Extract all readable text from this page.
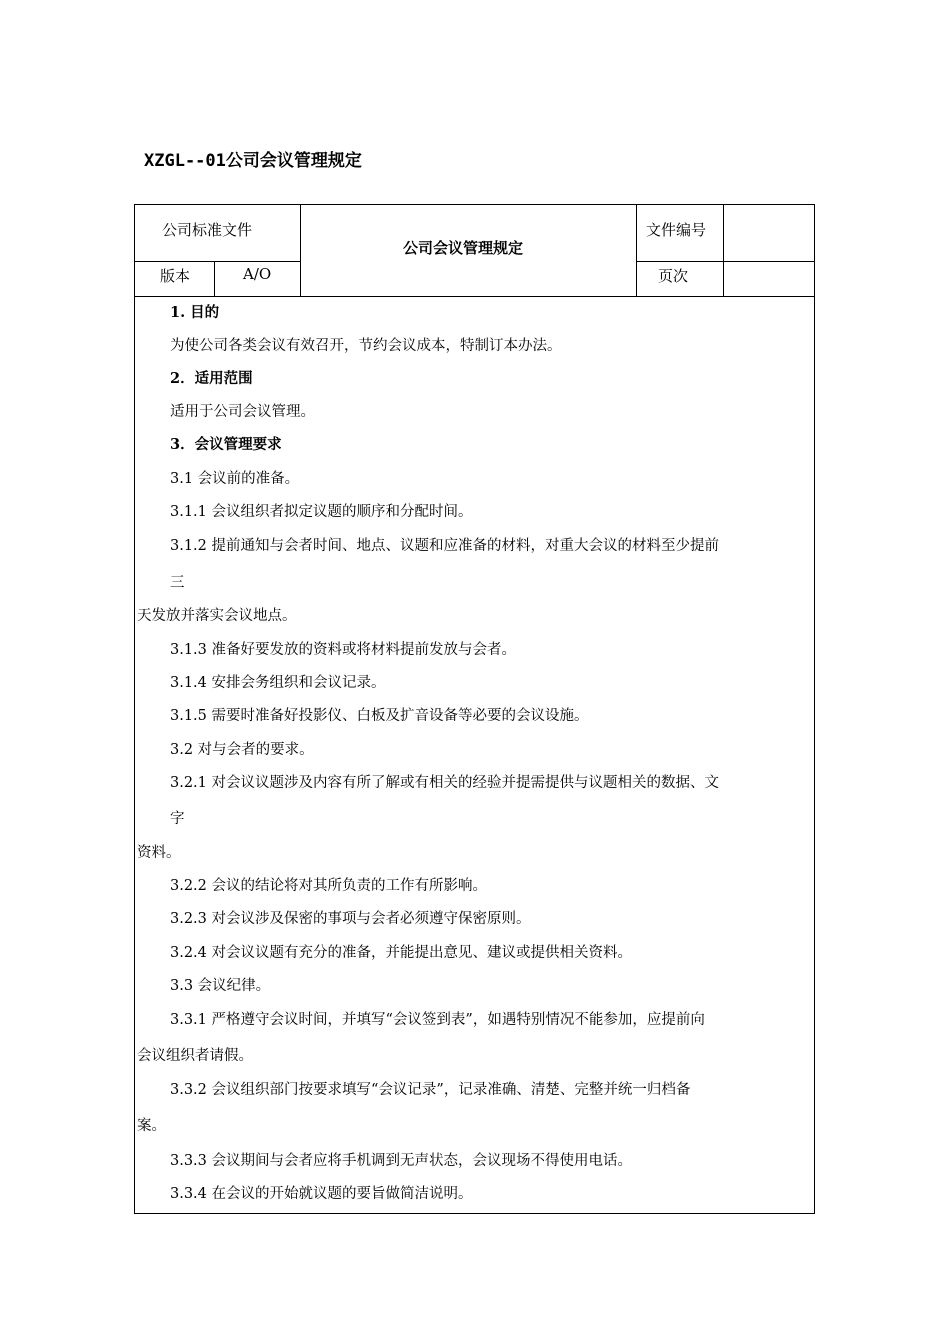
XZGL--01公司会议管理规定
公司标准文件
公司会议管理规定
文件编号
版本	A/O	页次
1. 目的
为使公司各类会议有效召开，节约会议成本，特制订本办法。
2．适用范围
适用于公司会议管理。
3．会议管理要求
3.1 会议前的准备。
3.1.1 会议组织者拟定议题的顺序和分配时间。
3.1.2 提前通知与会者时间、地点、议题和应准备的材料，对重大会议的材料至少提前
三
天发放并落实会议地点。
3.1.3 准备好要发放的资料或将材料提前发放与会者。
3.1.4 安排会务组织和会议记录。
3.1.5 需要时准备好投影仪、白板及扩音设备等必要的会议设施。
3.2 对与会者的要求。
3.2.1 对会议议题涉及内容有所了解或有相关的经验并提需提供与议题相关的数据、文
字
资料。
3.2.2 会议的结论将对其所负责的工作有所影响。
3.2.3 对会议涉及保密的事项与会者必须遵守保密原则。
3.2.4 对会议议题有充分的准备，并能提出意见、建议或提供相关资料。
3.3 会议纪律。
3.3.1 严格遵守会议时间，并填写“会议签到表”，如遇特别情况不能参加，应提前向
会议组织者请假。
3.3.2 会议组织部门按要求填写“会议记录”，记录准确、清楚、完整并统一归档备
案。
3.3.3 会议期间与会者应将手机调到无声状态，会议现场不得使用电话。
3.3.4 在会议的开始就议题的要旨做简洁说明。
